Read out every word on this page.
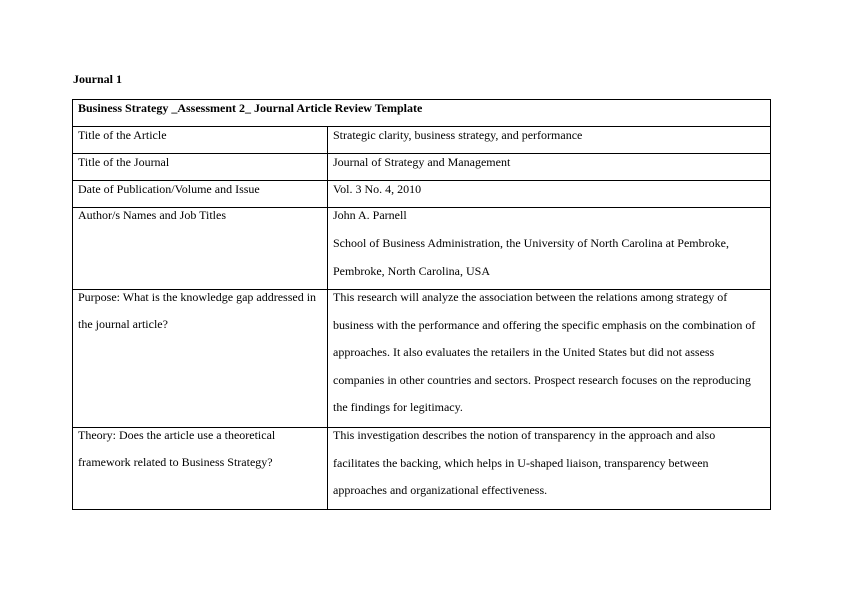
Journal 1
Business Strategy _Assessment 2_ Journal Article Review Template	

Title of the Article	Strategic clarity, business strategy, and performance

Title of the Journal	Journal of Strategy and Management

Date of Publication/Volume and Issue	Vol. 3 No. 4, 2010

Author/s Names and Job Titles	John A. Parnell
School of Business Administration, the University of North Carolina at Pembroke,
Pembroke, North Carolina, USA

Purpose: What is the knowledge gap addressed in
the journal article?	This research will analyze the association between the relations among strategy of
business with the performance and offering the specific emphasis on the combination of
approaches. It also evaluates the retailers in the United States but did not assess
companies in other countries and sectors. Prospect research focuses on the reproducing
the findings for legitimacy.

Theory: Does the article use a theoretical
framework related to Business Strategy?	This investigation describes the notion of transparency in the approach and also
facilitates the backing, which helps in U-shaped liaison, transparency between
approaches and organizational effectiveness.
